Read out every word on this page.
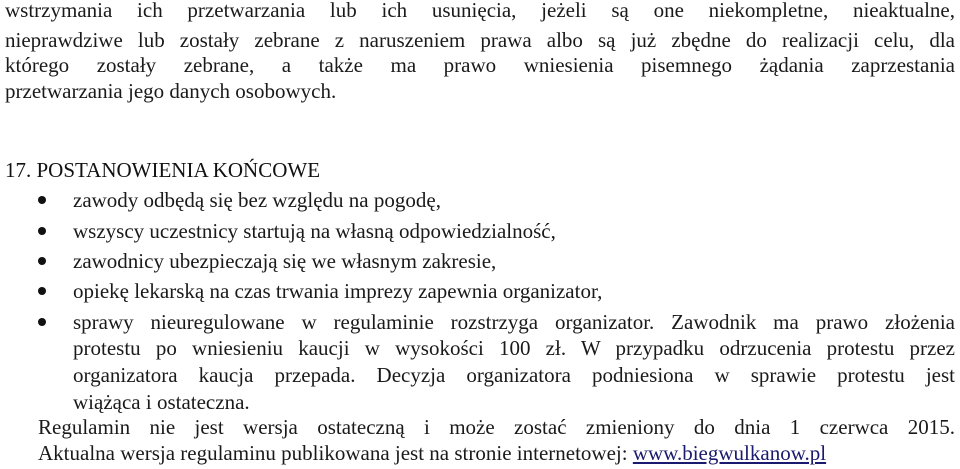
wstrzymania ich przetwarzania lub ich usunięcia, jeżeli są one niekompletne, nieaktualne,
nieprawdziwe lub zostały zebrane z naruszeniem prawa albo są już zbędne do realizacji celu, dla
którego zostały zebrane, a także ma prawo wniesienia pisemnego żądania zaprzestania
przetwarzania jego danych osobowych.
17. POSTANOWIENIA KOŃCOWE
zawody odbędą się bez względu na pogodę,
wszyscy uczestnicy startują na własną odpowiedzialność,
zawodnicy ubezpieczają się we własnym zakresie,
opiekę lekarską na czas trwania imprezy zapewnia organizator,
sprawy nieuregulowane w regulaminie rozstrzyga organizator. Zawodnik ma prawo złożenia
protestu po wniesieniu kaucji w wysokości 100 zł. W przypadku odrzucenia protestu przez
organizatora kaucja przepada. Decyzja organizatora podniesiona w sprawie protestu jest
wiążąca i ostateczna.
Regulamin nie jest wersja ostateczną i może zostać zmieniony do dnia 1 czerwca 2015.
Aktualna wersja regulaminu publikowana jest na stronie internetowej: www.biegwulkanow.pl
